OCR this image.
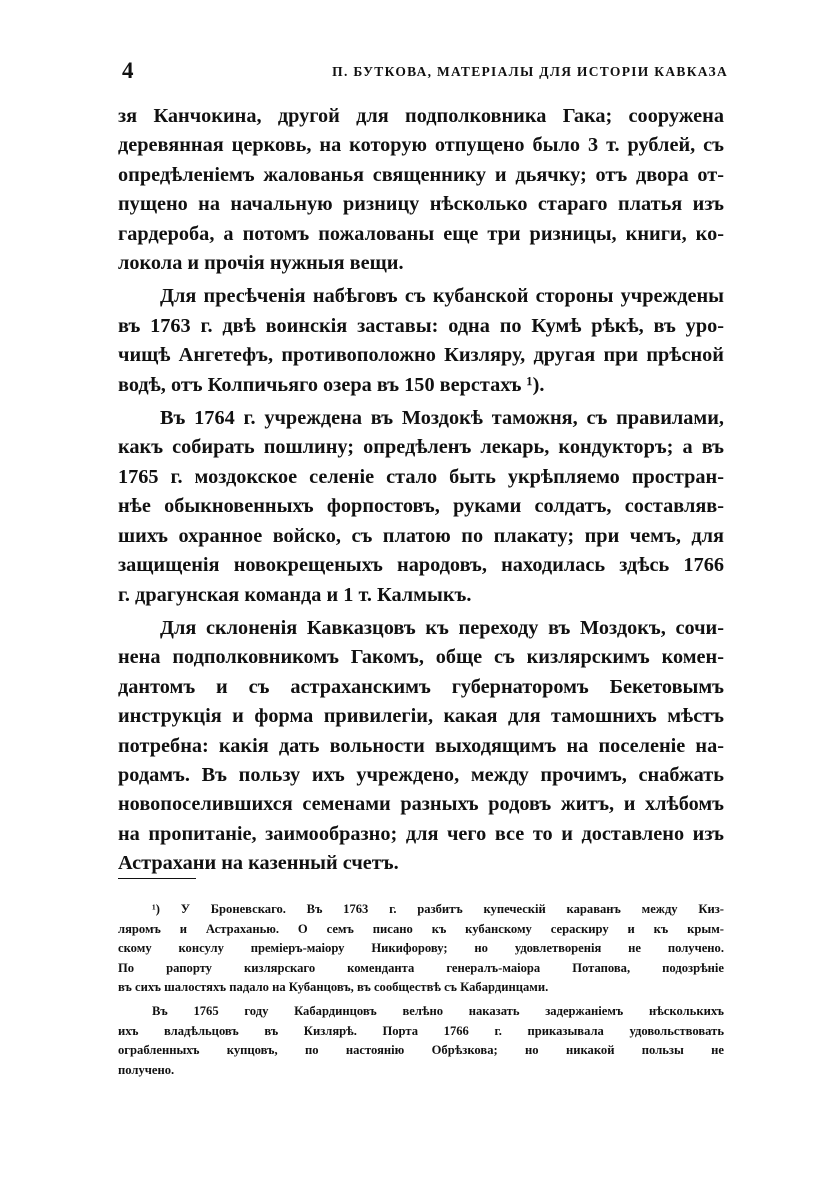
4	П. БУТКОВА, МАТЕРІАЛЫ ДЛЯ ИСТОРІИ КАВКАЗА
зя Канчокина, другой для подполковника Гака; сооружена
деревянная церковь, на которую отпущено было 3 т. рублей, съ
опредѣленіемъ жалованья священнику и дьячку; отъ двора от-
пущено на начальную ризницу нѣсколько стараго платья изъ
гардероба, а потомъ пожалованы еще три ризницы, книги, ко-
локола и прочія нужныя вещи.
Для пресѣченія набѣговъ съ кубанской стороны учреждены
въ 1763 г. двѣ воинскія заставы: одна по Кумѣ рѣкѣ, въ уро-
чищѣ Ангетефъ, противоположно Кизляру, другая при прѣсной
водѣ, отъ Колпичьяго озера въ 150 верстахъ ¹).
Въ 1764 г. учреждена въ Моздокѣ таможня, съ правилами,
какъ собирать пошлину; опредѣленъ лекарь, кондукторъ; а въ
1765 г. моздокское селеніе стало быть укрѣпляемо простран-
нѣе обыкновенныхъ форпостовъ, руками солдатъ, составляв-
шихъ охранное войско, съ платою по плакату; при чемъ, для
защищенія новокрещеныхъ народовъ, находилась здѣсь 1766
г. драгунская команда и 1 т. Калмыкъ.
Для склоненія Кавказцовъ къ переходу въ Моздокъ, сочи-
нена подполковникомъ Гакомъ, обще съ кизлярскимъ комен-
дантомъ и съ астраханскимъ губернаторомъ Бекетовымъ
инструкція и форма привилегіи, какая для тамошнихъ мѣстъ
потребна: какія дать вольности выходящимъ на поселеніе на-
родамъ. Въ пользу ихъ учреждено, между прочимъ, снабжать
новопоселившихся семенами разныхъ родовъ житъ, и хлѣбомъ
на пропитаніе, заимообразно; для чего все то и доставлено изъ
Астрахани на казенный счетъ.
¹) У Броневскаго. Въ 1763 г. разбитъ купеческій караванъ между Киз-
ляромъ и Астраханью. О семъ писано къ кубанскому сераскиру и къ крым-
скому консулу премiеръ-маiору Никифорову; но удовлетворенія не получено.
По рапорту кизлярскаго коменданта генералъ-маiора Потапова, подозрѣніе
въ сихъ шалостяхъ падало на Кубанцовъ, въ сообществѣ съ Кабардинцами.
Въ 1765 году Кабардинцовъ велѣно наказать задержаніемъ нѣсколькихъ
ихъ владѣльцовъ въ Кизлярѣ. Порта 1766 г. приказывала удовольствовать
ограбленныхъ купцовъ, по настоянію Обрѣзкова; но никакой пользы не
получено.
